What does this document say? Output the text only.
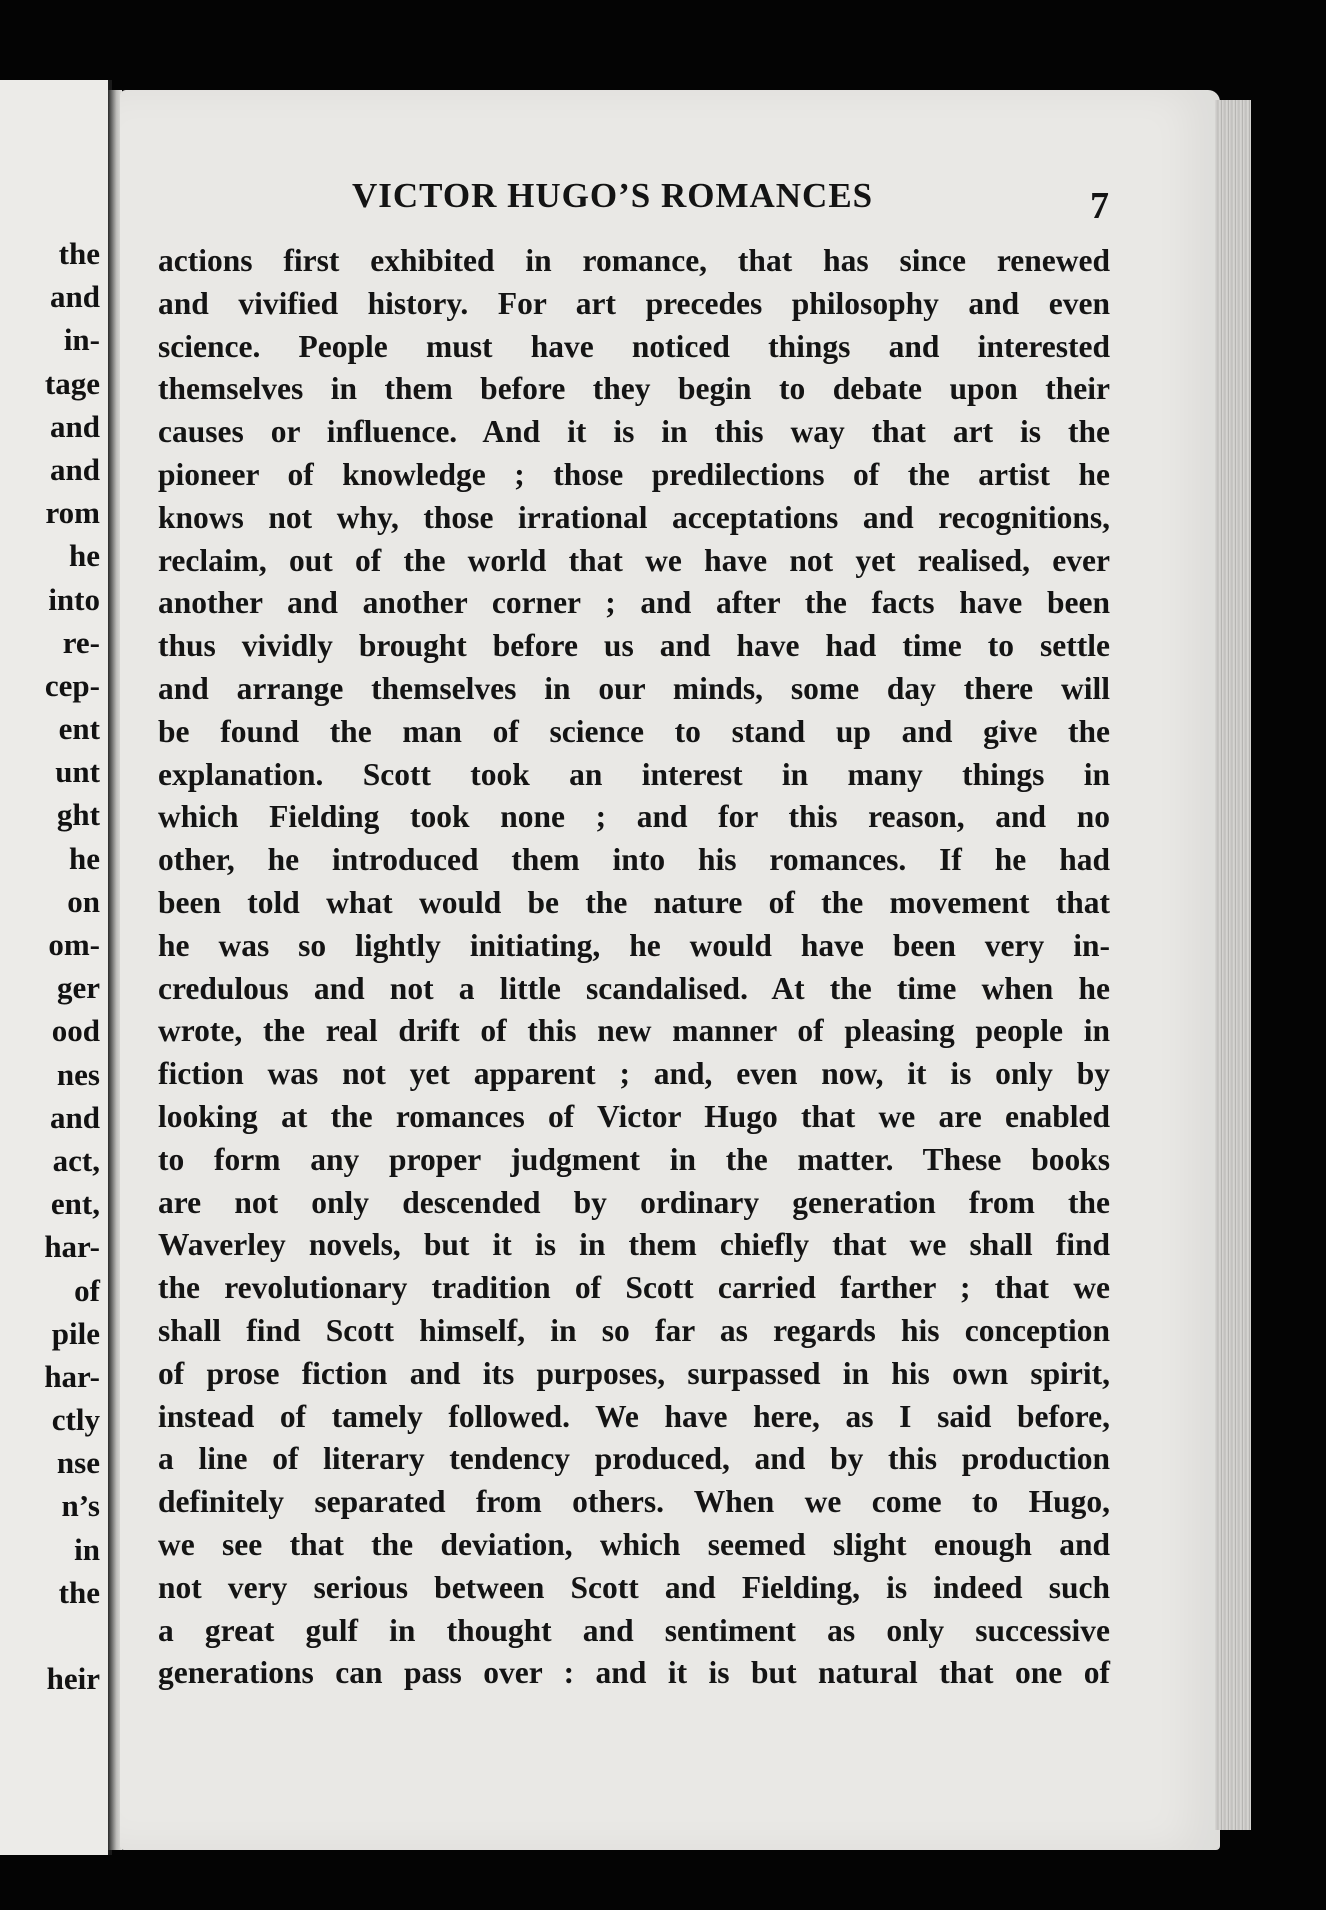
the
and
in-
tage
and
and
rom
he
into
re-
cep-
ent
unt
ght
he
on
om-
ger
ood
nes
and
act,
ent,
har-
of
pile
har-
ctly
nse
n’s
in
the
heir
VICTOR HUGO’S ROMANCES	7
actions first exhibited in romance, that has since renewed
and vivified history. For art precedes philosophy and even
science. People must have noticed things and interested
themselves in them before they begin to debate upon their
causes or influence. And it is in this way that art is the
pioneer of knowledge ; those predilections of the artist he
knows not why, those irrational acceptations and recognitions,
reclaim, out of the world that we have not yet realised, ever
another and another corner ; and after the facts have been
thus vividly brought before us and have had time to settle
and arrange themselves in our minds, some day there will
be found the man of science to stand up and give the
explanation. Scott took an interest in many things in
which Fielding took none ; and for this reason, and no
other, he introduced them into his romances. If he had
been told what would be the nature of the movement that
he was so lightly initiating, he would have been very in-
credulous and not a little scandalised. At the time when he
wrote, the real drift of this new manner of pleasing people in
fiction was not yet apparent ; and, even now, it is only by
looking at the romances of Victor Hugo that we are enabled
to form any proper judgment in the matter. These books
are not only descended by ordinary generation from the
Waverley novels, but it is in them chiefly that we shall find
the revolutionary tradition of Scott carried farther ; that we
shall find Scott himself, in so far as regards his conception
of prose fiction and its purposes, surpassed in his own spirit,
instead of tamely followed. We have here, as I said before,
a line of literary tendency produced, and by this production
definitely separated from others. When we come to Hugo,
we see that the deviation, which seemed slight enough and
not very serious between Scott and Fielding, is indeed such
a great gulf in thought and sentiment as only successive
generations can pass over : and it is but natural that one of
